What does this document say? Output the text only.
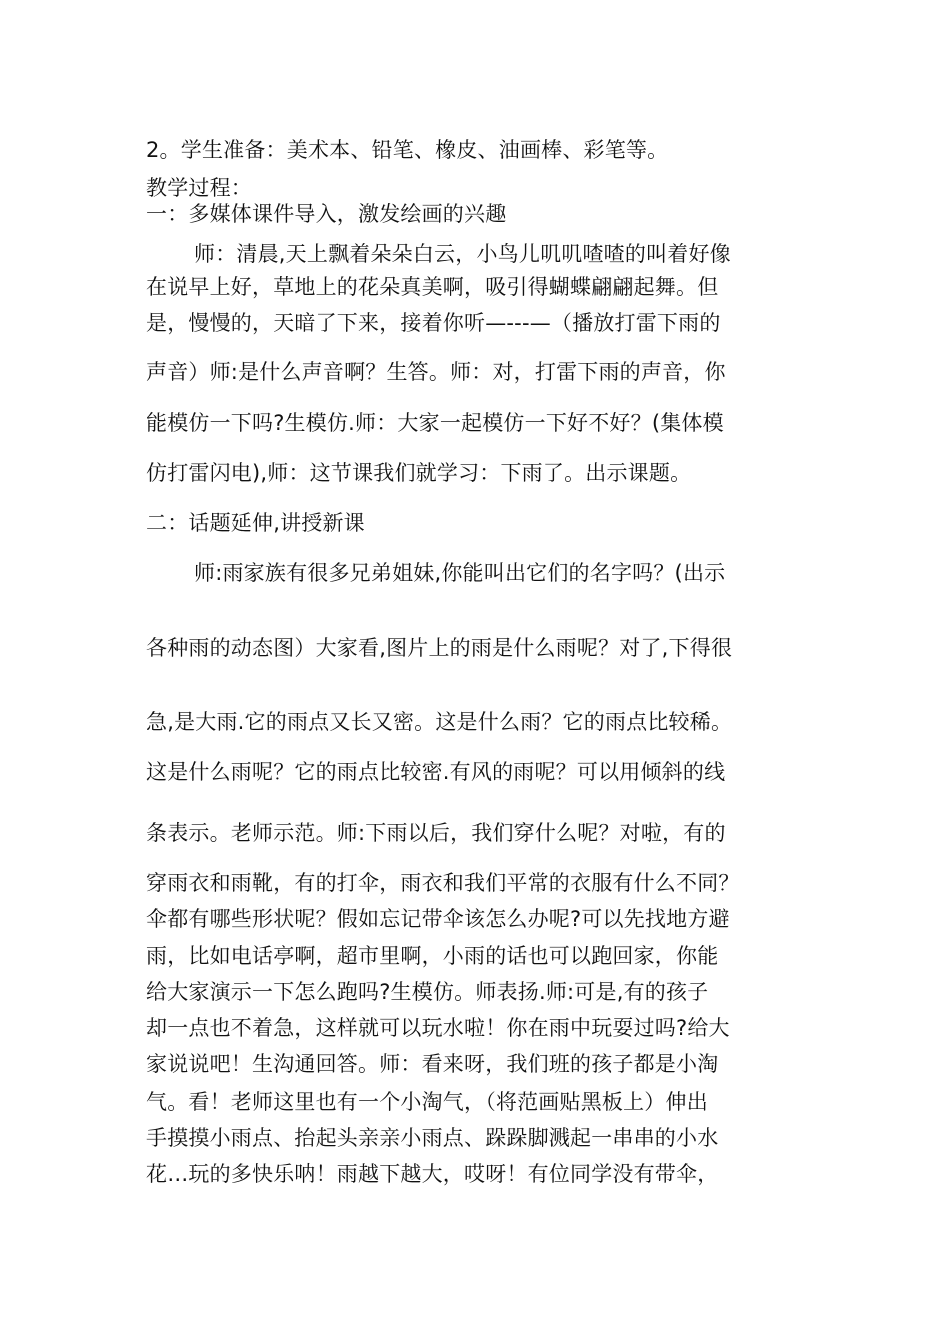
2。学生准备：美术本、铅笔、橡皮、油画棒、彩笔等。

教学过程：

一：多媒体课件导入，激发绘画的兴趣

师：清晨,天上飘着朵朵白云，小鸟儿叽叽喳喳的叫着好像

在说早上好，草地上的花朵真美啊，吸引得蝴蝶翩翩起舞。但

是，慢慢的，天暗了下来，接着你听—---—（播放打雷下雨的

声音）师:是什么声音啊？生答。师：对，打雷下雨的声音，你

能模仿一下吗?生模仿.师：大家一起模仿一下好不好？(集体模

仿打雷闪电),师：这节课我们就学习：下雨了。出示课题。

二：话题延伸,讲授新课

师:雨家族有很多兄弟姐妹,你能叫出它们的名字吗？(出示

各种雨的动态图）大家看,图片上的雨是什么雨呢？对了,下得很

急,是大雨.它的雨点又长又密。这是什么雨？它的雨点比较稀。

这是什么雨呢？它的雨点比较密.有风的雨呢？可以用倾斜的线

条表示。老师示范。师:下雨以后，我们穿什么呢？对啦，有的

穿雨衣和雨靴，有的打伞，雨衣和我们平常的衣服有什么不同？

伞都有哪些形状呢？假如忘记带伞该怎么办呢?可以先找地方避

雨，比如电话亭啊，超市里啊，小雨的话也可以跑回家，你能

给大家演示一下怎么跑吗?生模仿。师表扬.师:可是,有的孩子

却一点也不着急，这样就可以玩水啦！你在雨中玩耍过吗?给大

家说说吧！生沟通回答。师：看来呀，我们班的孩子都是小淘

气。看！老师这里也有一个小淘气，（将范画贴黑板上）伸出

手摸摸小雨点、抬起头亲亲小雨点、跺跺脚溅起一串串的小水

花…玩的多快乐呐！雨越下越大，哎呀！有位同学没有带伞，
